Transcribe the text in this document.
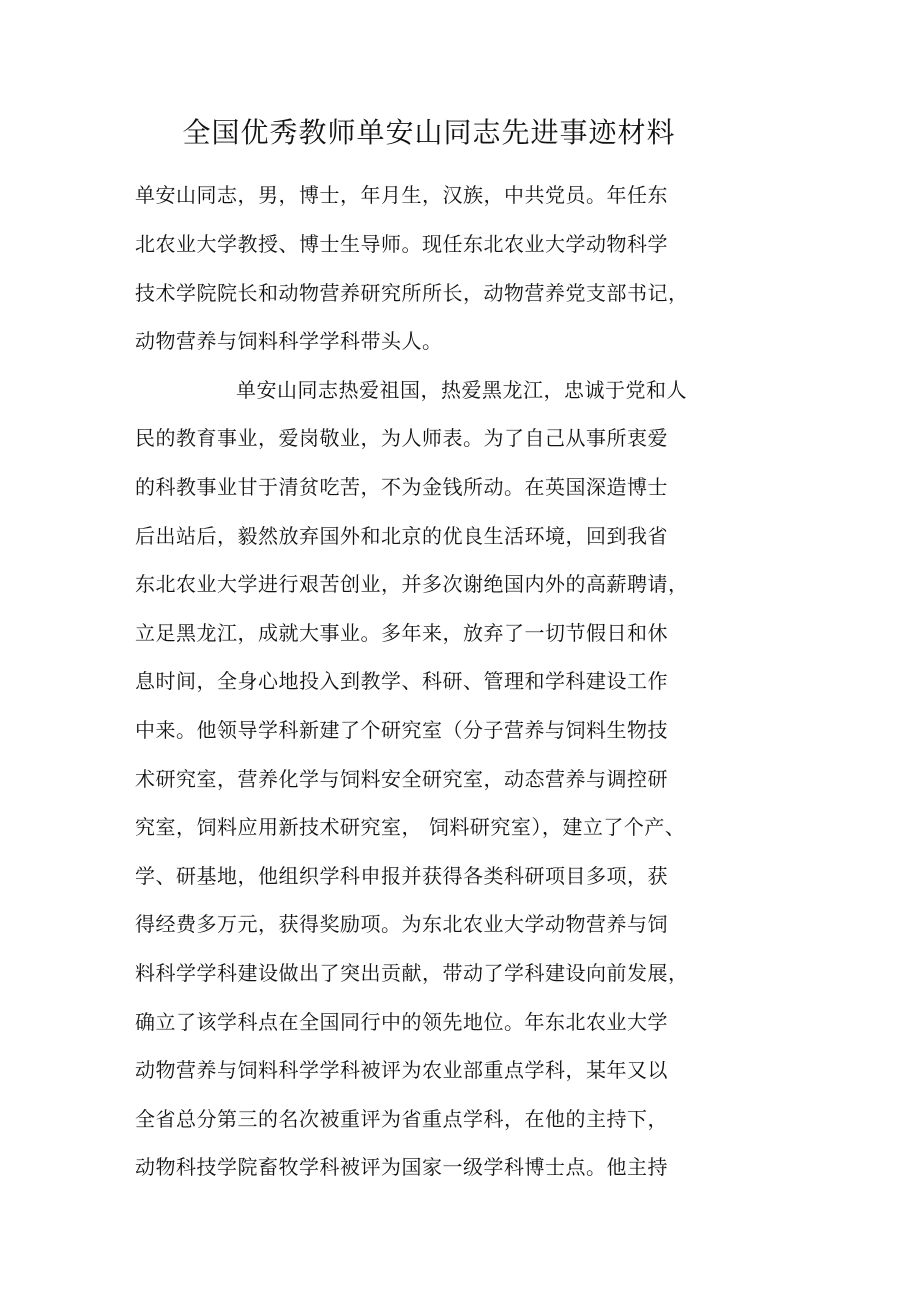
全国优秀教师单安山同志先进事迹材料
单安山同志，男，博士，年月生，汉族，中共党员。年任东
北农业大学教授、博士生导师。现任东北农业大学动物科学
技术学院院长和动物营养研究所所长，动物营养党支部书记，
动物营养与饲料科学学科带头人。
单安山同志热爱祖国，热爱黑龙江，忠诚于党和人
民的教育事业，爱岗敬业，为人师表。为了自己从事所衷爱
的科教事业甘于清贫吃苦，不为金钱所动。在英国深造博士
后出站后，毅然放弃国外和北京的优良生活环境，回到我省
东北农业大学进行艰苦创业，并多次谢绝国内外的高薪聘请，
立足黑龙江，成就大事业。多年来，放弃了一切节假日和休
息时间，全身心地投入到教学、科研、管理和学科建设工作
中来。他领导学科新建了个研究室（分子营养与饲料生物技
术研究室，营养化学与饲料安全研究室，动态营养与调控研
究室，饲料应用新技术研究室， 饲料研究室），建立了个产、
学、研基地，他组织学科申报并获得各类科研项目多项，获
得经费多万元，获得奖励项。为东北农业大学动物营养与饲
料科学学科建设做出了突出贡献，带动了学科建设向前发展，
确立了该学科点在全国同行中的领先地位。年东北农业大学
动物营养与饲料科学学科被评为农业部重点学科，某年又以
全省总分第三的名次被重评为省重点学科，在他的主持下，
动物科技学院畜牧学科被评为国家一级学科博士点。他主持
